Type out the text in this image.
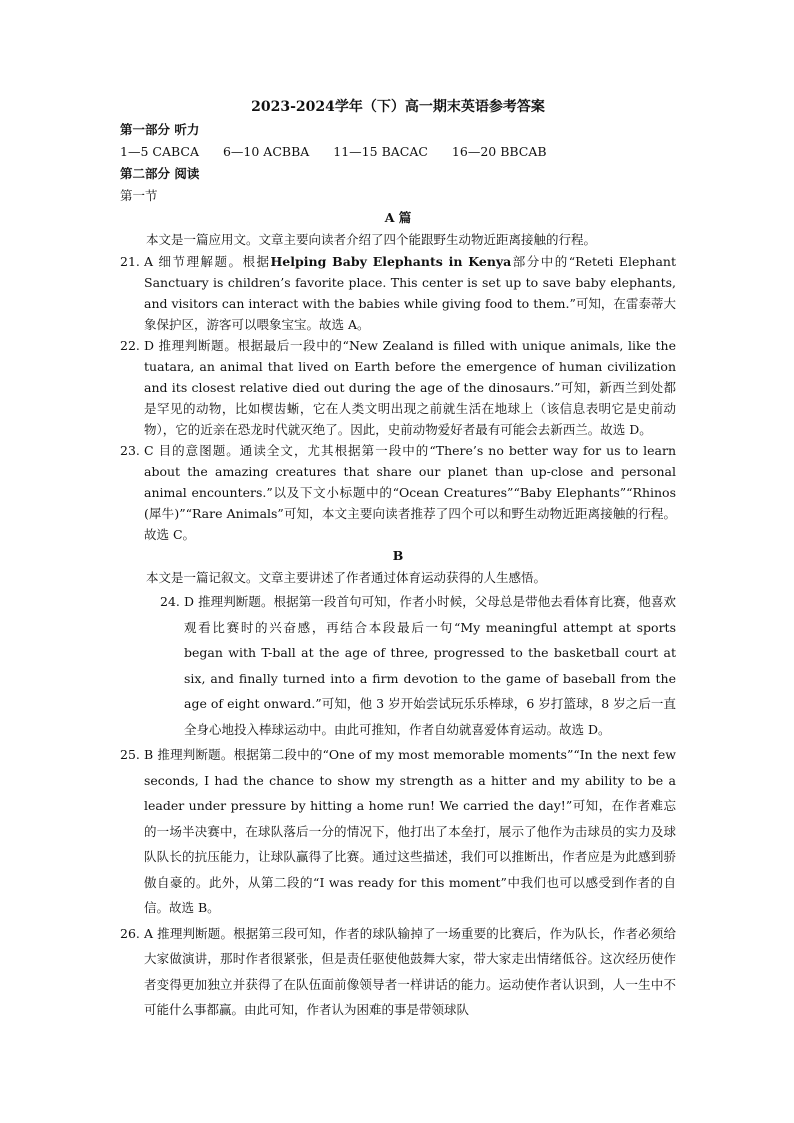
2023-2024学年（下）高一期末英语参考答案
第一部分 听力
1—5 CABCA 6—10 ACBBA 11—15 BACAC 16—20 BBCAB
第二部分 阅读
第一节
A 篇
本文是一篇应用文。文章主要向读者介绍了四个能跟野生动物近距离接触的行程。
21. A 细节理解题。根据Helping Baby Elephants in Kenya部分中的“Reteti Elephant Sanctuary is children’s favorite place. This center is set up to save baby elephants, and visitors can interact with the babies while giving food to them.”可知，在雷泰蒂大象保护区，游客可以喂象宝宝。故选 A。

22. D 推理判断题。根据最后一段中的“New Zealand is filled with unique animals, like the tuatara, an animal that lived on Earth before the emergence of human civilization and its closest relative died out during the age of the dinosaurs.”可知，新西兰到处都是罕见的动物，比如楔齿蜥，它在人类文明出现之前就生活在地球上（该信息表明它是史前动物），它的近亲在恐龙时代就灭绝了。因此，史前动物爱好者最有可能会去新西兰。故选 D。

23. C 目的意图题。通读全文，尤其根据第一段中的“There’s no better way for us to learn about the amazing creatures that share our planet than up-close and personal animal encounters.”以及下文小标题中的“Ocean Creatures”“Baby Elephants”“Rhinos (犀牛)”“Rare Animals”可知，本文主要向读者推荐了四个可以和野生动物近距离接触的行程。故选 C。

B
本文是一篇记叙文。文章主要讲述了作者通过体育运动获得的人生感悟。
24. D 推理判断题。根据第一段首句可知，作者小时候，父母总是带他去看体育比赛，他喜欢观看比赛时的兴奋感，再结合本段最后一句“My meaningful attempt at sports began with T-ball at the age of three, progressed to the basketball court at six, and finally turned into a firm devotion to the game of baseball from the age of eight onward.”可知，他 3 岁开始尝试玩乐乐棒球，6 岁打篮球，8 岁之后一直全身心地投入棒球运动中。由此可推知，作者自幼就喜爱体育运动。故选 D。

25. B 推理判断题。根据第二段中的“One of my most memorable moments”“In the next few seconds, I had the chance to show my strength as a hitter and my ability to be a leader under pressure by hitting a home run! We carried the day!”可知，在作者难忘的一场半决赛中，在球队落后一分的情况下，他打出了本垒打，展示了他作为击球员的实力及球队队长的抗压能力，让球队赢得了比赛。通过这些描述，我们可以推断出，作者应是为此感到骄傲自豪的。此外，从第二段的“I was ready for this moment”中我们也可以感受到作者的自信。故选 B。

26. A 推理判断题。根据第三段可知，作者的球队输掉了一场重要的比赛后，作为队长，作者必须给大家做演讲，那时作者很紧张，但是责任驱使他鼓舞大家，带大家走出情绪低谷。这次经历使作者变得更加独立并获得了在队伍面前像领导者一样讲话的能力。运动使作者认识到，人一生中不可能什么事都赢。由此可知，作者认为困难的事是带领球队
